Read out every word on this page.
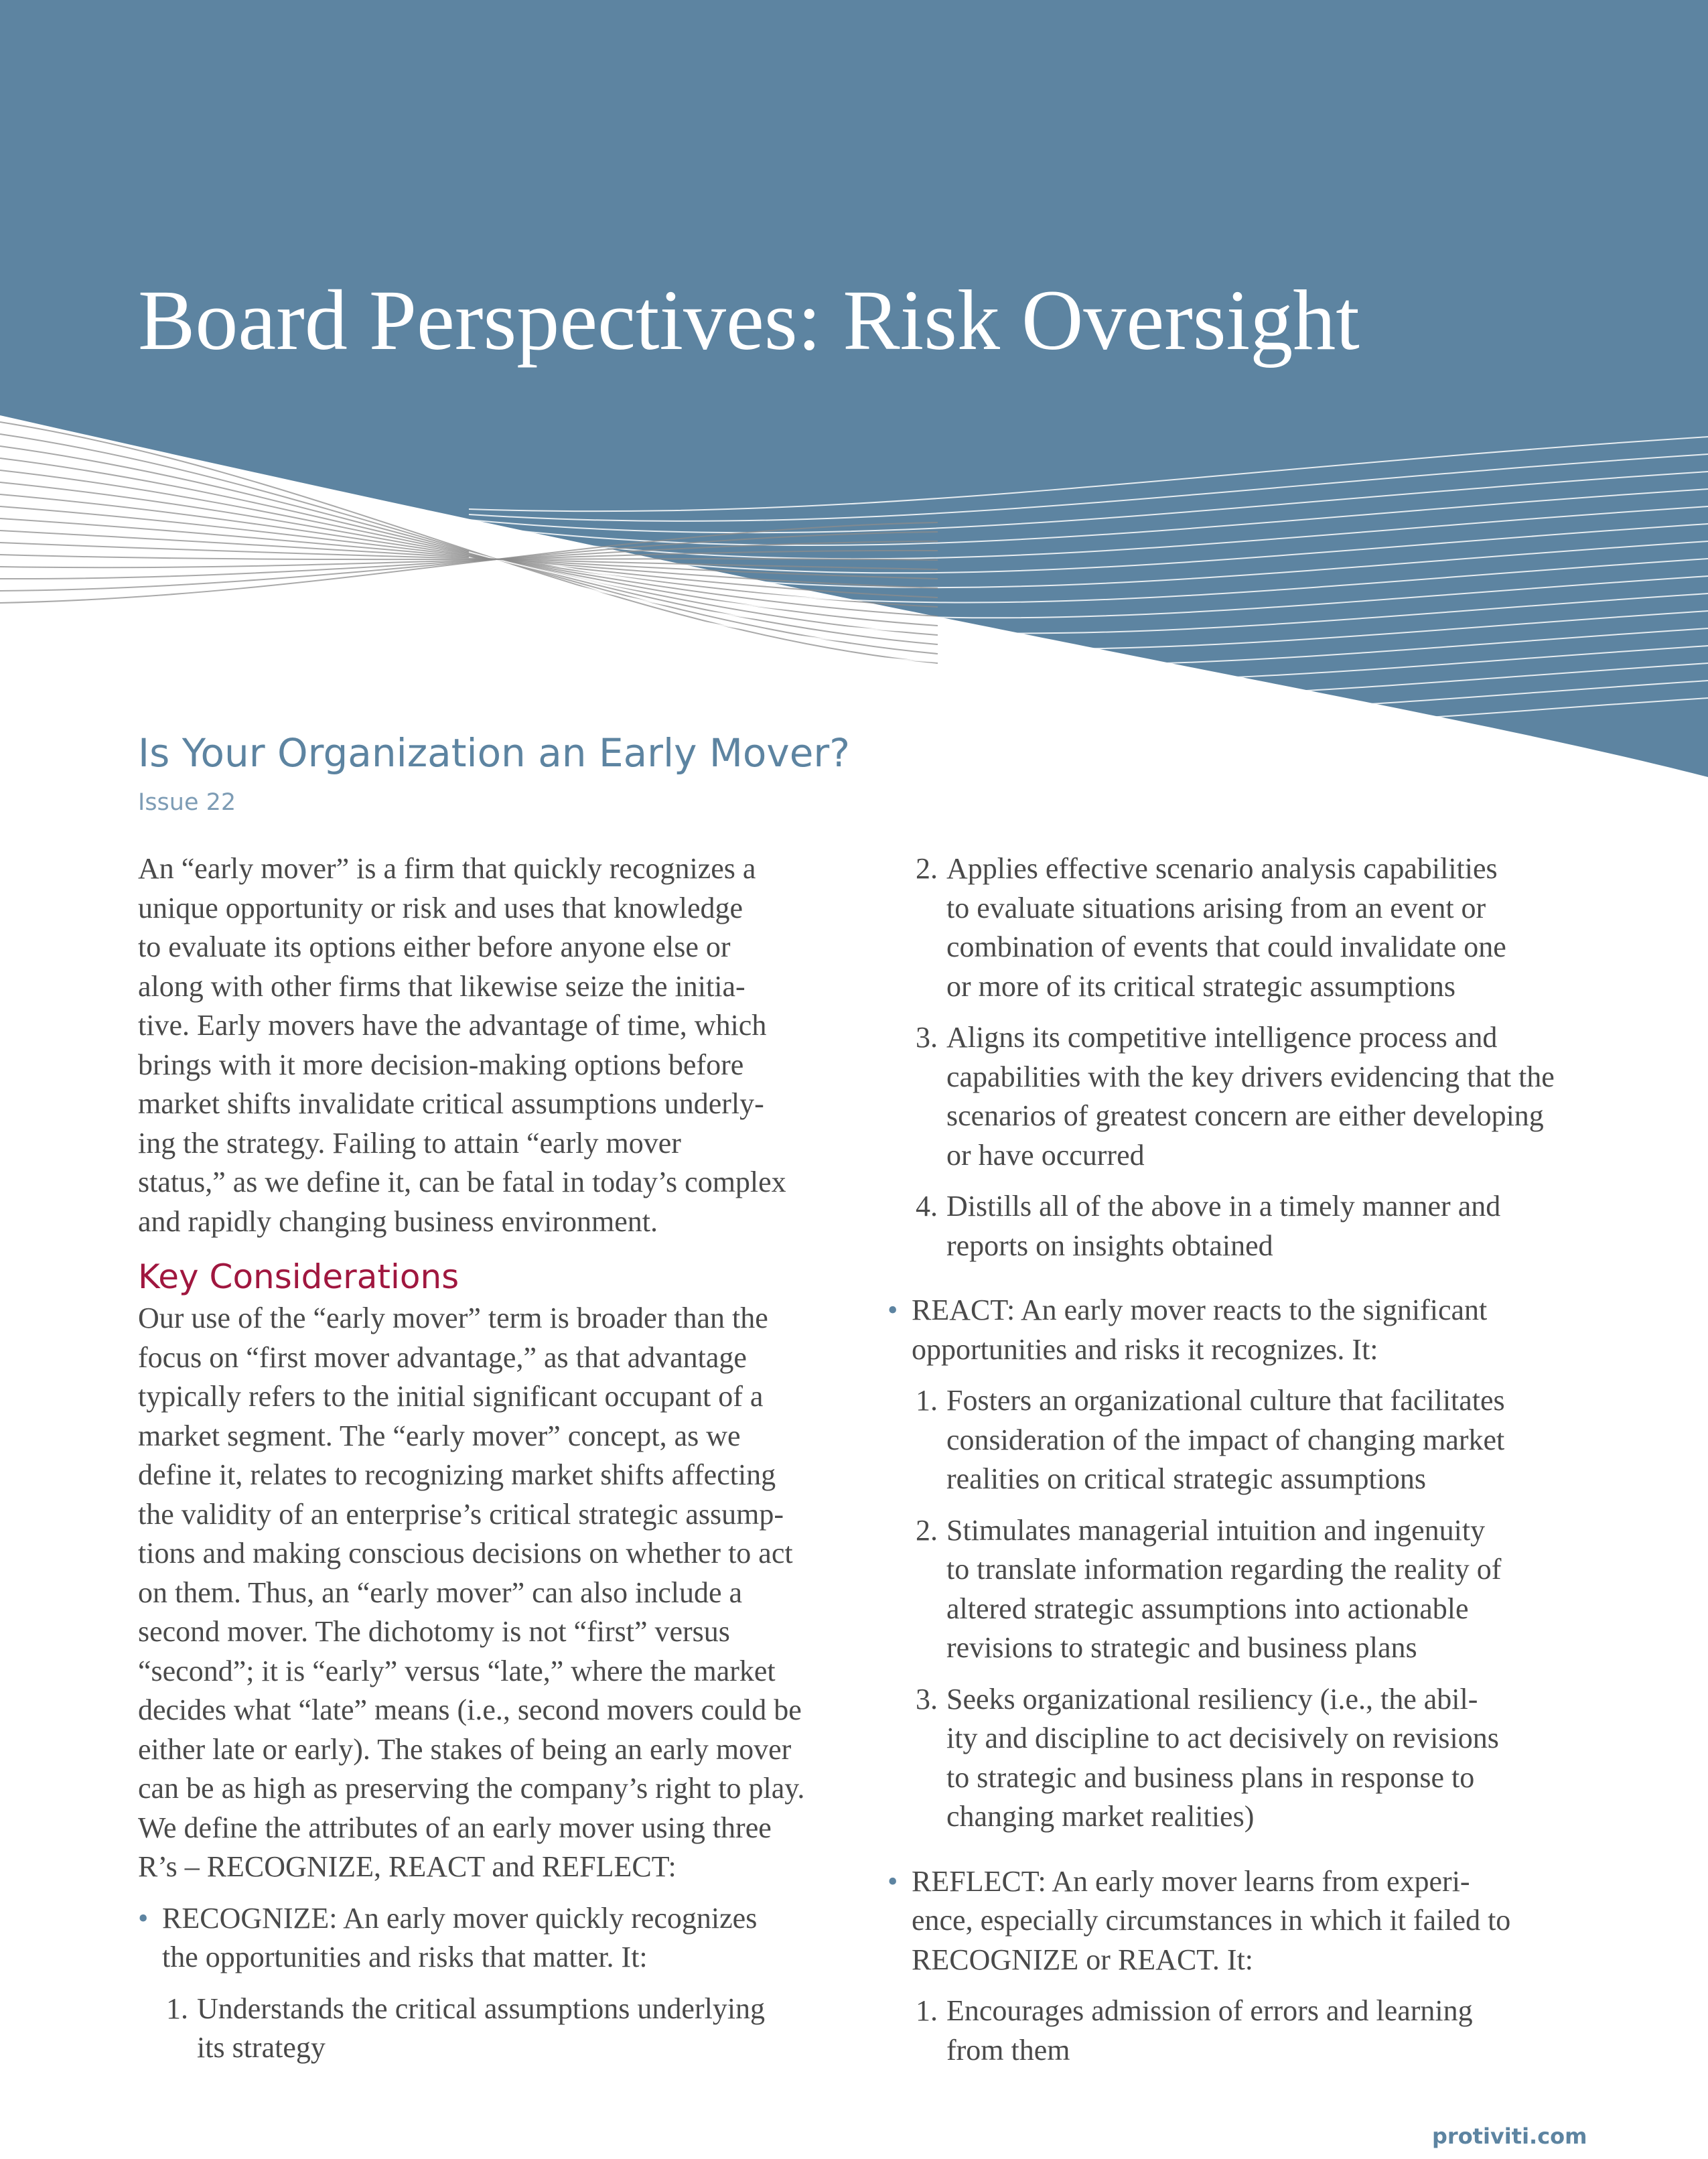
Board Perspectives: Risk Oversight
Is Your Organization an Early Mover?
Issue 22

An “early mover” is a firm that quickly recognizes a
unique opportunity or risk and uses that knowledge
to evaluate its options either before anyone else or
along with other firms that likewise seize the initia-
tive. Early movers have the advantage of time, which
brings with it more decision-making options before
market shifts invalidate critical assumptions underly-
ing the strategy. Failing to attain “early mover
status,” as we define it, can be fatal in today’s complex
and rapidly changing business environment.

Key Considerations

Our use of the “early mover” term is broader than the
focus on “first mover advantage,” as that advantage
typically refers to the initial significant occupant of a
market segment. The “early mover” concept, as we
define it, relates to recognizing market shifts affecting
the validity of an enterprise’s critical strategic assump-
tions and making conscious decisions on whether to act
on them. Thus, an “early mover” can also include a
second mover. The dichotomy is not “first” versus
“second”; it is “early” versus “late,” where the market
decides what “late” means (i.e., second movers could be
either late or early). The stakes of being an early mover
can be as high as preserving the company’s right to play.

We define the attributes of an early mover using three
R’s – RECOGNIZE, REACT and REFLECT:

• RECOGNIZE: An early mover quickly recognizes
the opportunities and risks that matter. It:
1. Understands the critical assumptions underlying
its strategy
2. Applies effective scenario analysis capabilities
to evaluate situations arising from an event or
combination of events that could invalidate one
or more of its critical strategic assumptions
3. Aligns its competitive intelligence process and
capabilities with the key drivers evidencing that the
scenarios of greatest concern are either developing
or have occurred
4. Distills all of the above in a timely manner and
reports on insights obtained
• REACT: An early mover reacts to the significant
opportunities and risks it recognizes. It:
1. Fosters an organizational culture that facilitates
consideration of the impact of changing market
realities on critical strategic assumptions
2. Stimulates managerial intuition and ingenuity
to translate information regarding the reality of
altered strategic assumptions into actionable
revisions to strategic and business plans
3. Seeks organizational resiliency (i.e., the abil-
ity and discipline to act decisively on revisions
to strategic and business plans in response to
changing market realities)
• REFLECT: An early mover learns from experi-
ence, especially circumstances in which it failed to
RECOGNIZE or REACT. It:
1. Encourages admission of errors and learning
from them
protiviti.com
